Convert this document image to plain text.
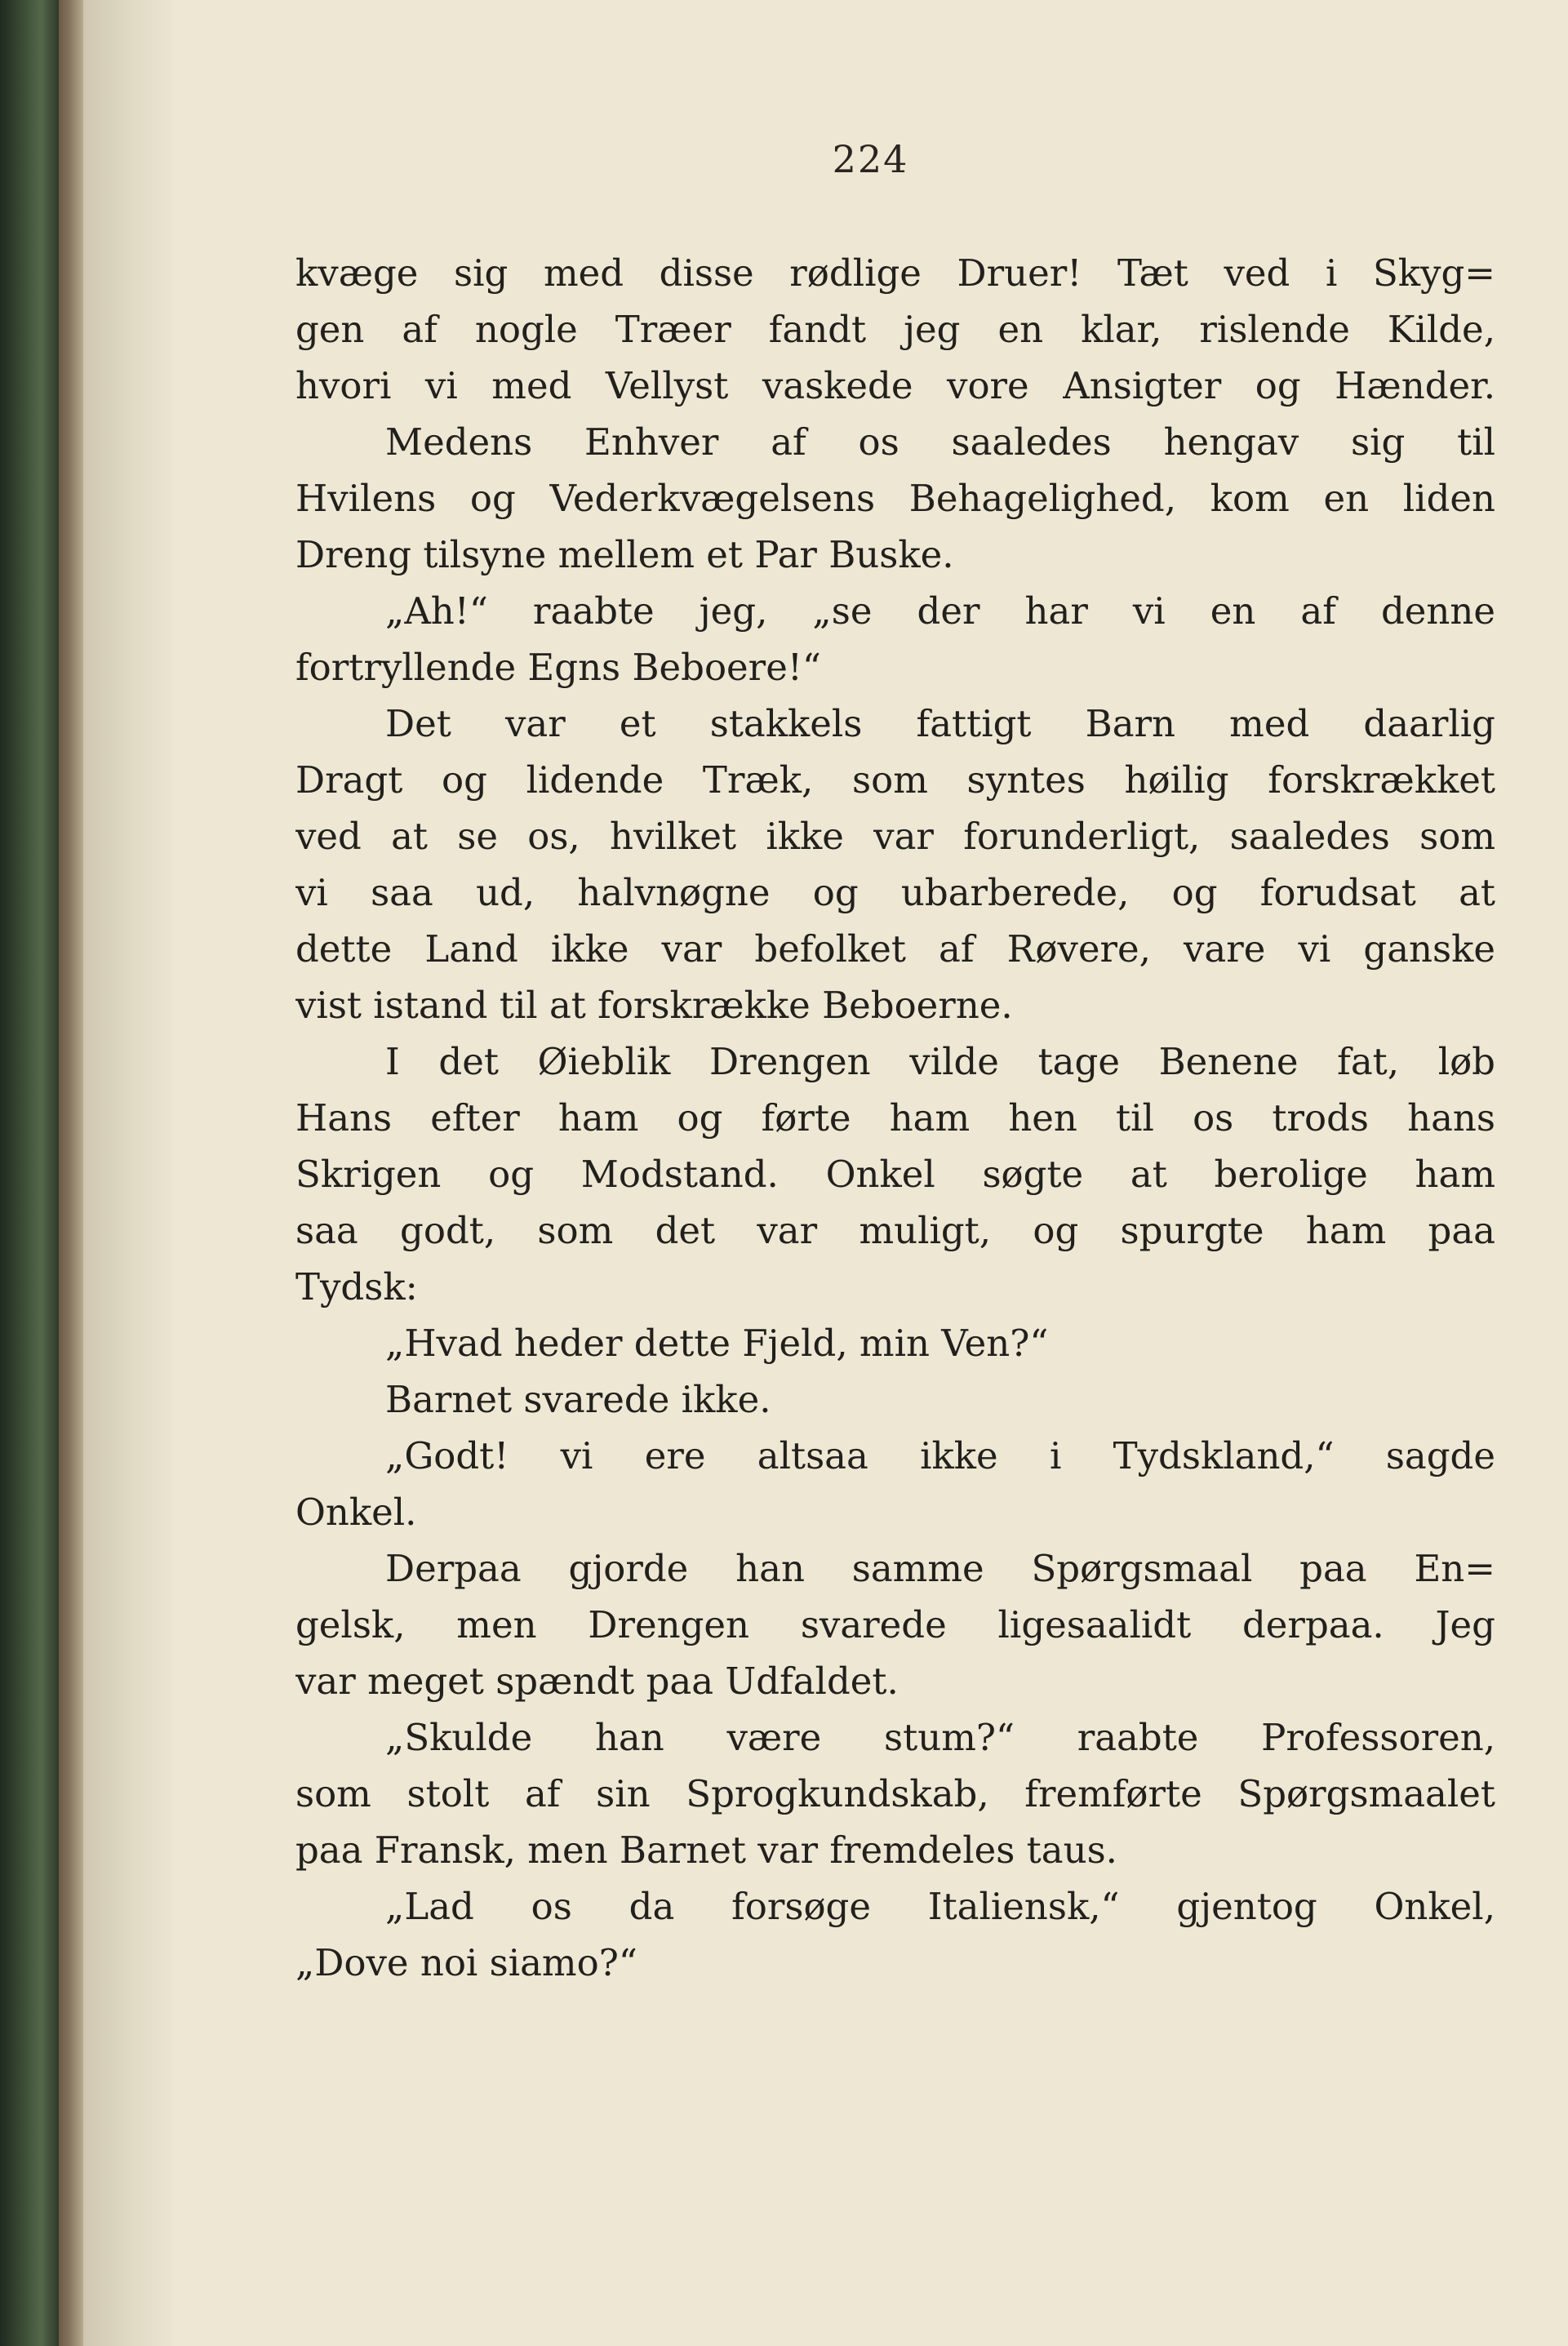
224
kvæge sig med disse rødlige Druer! Tæt ved i Skyg=
gen af nogle Træer fandt jeg en klar, rislende Kilde,
hvori vi med Vellyst vaskede vore Ansigter og Hænder.
Medens Enhver af os saaledes hengav sig til
Hvilens og Vederkvægelsens Behagelighed, kom en liden
Dreng tilsyne mellem et Par Buske.
„Ah!“ raabte jeg, „se der har vi en af denne
fortryllende Egns Beboere!“
Det var et stakkels fattigt Barn med daarlig
Dragt og lidende Træk, som syntes høilig forskrækket
ved at se os, hvilket ikke var forunderligt, saaledes som
vi saa ud, halvnøgne og ubarberede, og forudsat at
dette Land ikke var befolket af Røvere, vare vi ganske
vist istand til at forskrække Beboerne.
I det Øieblik Drengen vilde tage Benene fat, løb
Hans efter ham og førte ham hen til os trods hans
Skrigen og Modstand. Onkel søgte at berolige ham
saa godt, som det var muligt, og spurgte ham paa
Tydsk:
„Hvad heder dette Fjeld, min Ven?“
Barnet svarede ikke.
„Godt! vi ere altsaa ikke i Tydskland,“ sagde
Onkel.
Derpaa gjorde han samme Spørgsmaal paa En=
gelsk, men Drengen svarede ligesaalidt derpaa. Jeg
var meget spændt paa Udfaldet.
„Skulde han være stum?“ raabte Professoren,
som stolt af sin Sprogkundskab, fremførte Spørgsmaalet
paa Fransk, men Barnet var fremdeles taus.
„Lad os da forsøge Italiensk,“ gjentog Onkel,
„Dove noi siamo?“
